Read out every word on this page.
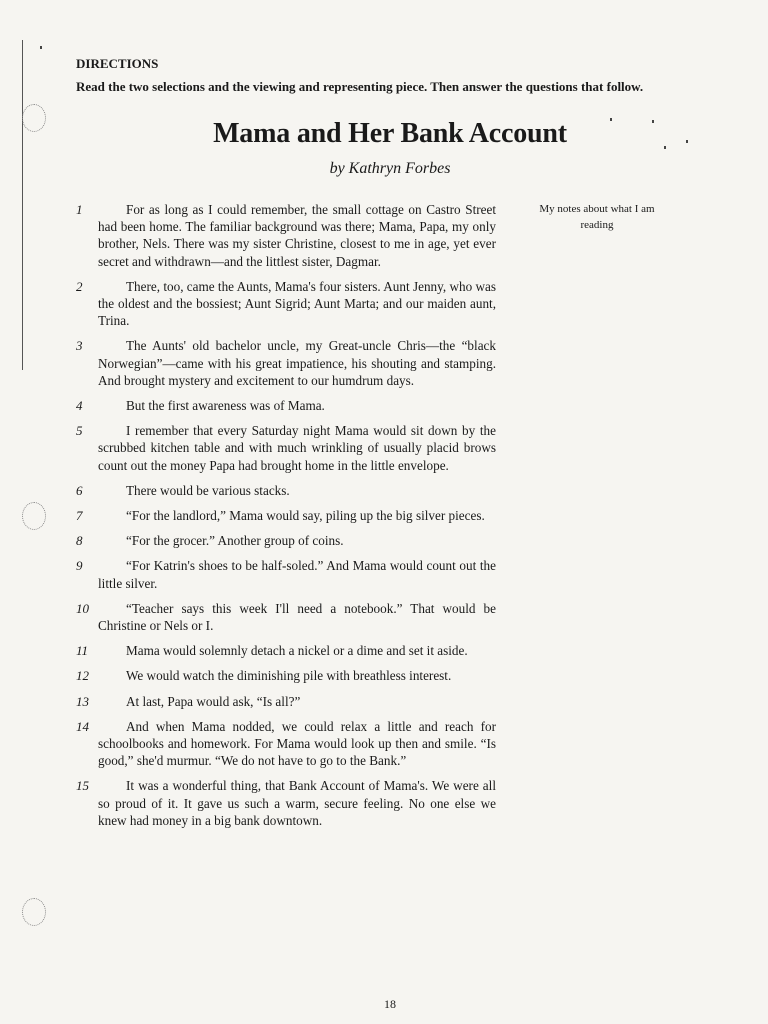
DIRECTIONS
Read the two selections and the viewing and representing piece. Then answer the questions that follow.
Mama and Her Bank Account
by Kathryn Forbes
My notes about what I am reading
1	For as long as I could remember, the small cottage on Castro Street had been home. The familiar background was there; Mama, Papa, my only brother, Nels. There was my sister Christine, closest to me in age, yet ever secret and withdrawn—and the littlest sister, Dagmar.
2	There, too, came the Aunts, Mama's four sisters. Aunt Jenny, who was the oldest and the bossiest; Aunt Sigrid; Aunt Marta; and our maiden aunt, Trina.
3	The Aunts' old bachelor uncle, my Great-uncle Chris—the “black Norwegian”—came with his great impatience, his shouting and stamping. And brought mystery and excitement to our humdrum days.
4	But the first awareness was of Mama.
5	I remember that every Saturday night Mama would sit down by the scrubbed kitchen table and with much wrinkling of usually placid brows count out the money Papa had brought home in the little envelope.
6	There would be various stacks.
7	“For the landlord,” Mama would say, piling up the big silver pieces.
8	“For the grocer.” Another group of coins.
9	“For Katrin's shoes to be half-soled.” And Mama would count out the little silver.
10	“Teacher says this week I'll need a notebook.” That would be Christine or Nels or I.
11	Mama would solemnly detach a nickel or a dime and set it aside.
12	We would watch the diminishing pile with breathless interest.
13	At last, Papa would ask, “Is all?”
14	And when Mama nodded, we could relax a little and reach for schoolbooks and homework. For Mama would look up then and smile. “Is good,” she'd murmur. “We do not have to go to the Bank.”
15	It was a wonderful thing, that Bank Account of Mama's. We were all so proud of it. It gave us such a warm, secure feeling. No one else we knew had money in a big bank downtown.
18
